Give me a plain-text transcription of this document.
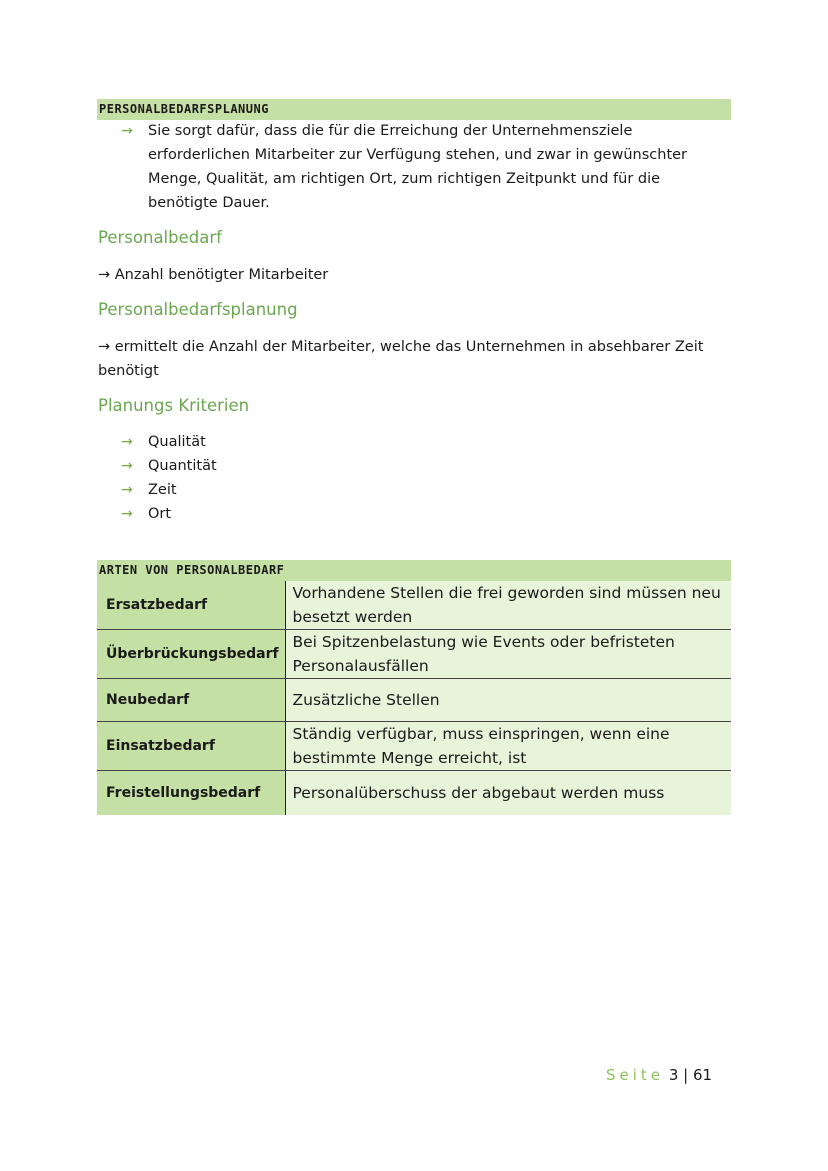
PERSONALBEDARFSPLANUNG
→ Sie sorgt dafür, dass die für die Erreichung der Unternehmensziele erforderlichen Mitarbeiter zur Verfügung stehen, und zwar in gewünschter Menge, Qualität, am richtigen Ort, zum richtigen Zeitpunkt und für die benötigte Dauer.
Personalbedarf

→ Anzahl benötigter Mitarbeiter

Personalbedarfsplanung

→ ermittelt die Anzahl der Mitarbeiter, welche das Unternehmen in absehbarer Zeit benötigt

Planungs Kriterien
→ Qualität
→ Quantität
→ Zeit
→ Ort
ARTEN VON PERSONALBEDARF
Ersatzbedarf	Vorhandene Stellen die frei geworden sind müssen neu besetzt werden
Überbrückungsbedarf	Bei Spitzenbelastung wie Events oder befristeten Personalausfällen
Neubedarf	Zusätzliche Stellen
Einsatzbedarf	Ständig verfügbar, muss einspringen, wenn eine bestimmte Menge erreicht, ist
Freistellungsbedarf	Personalüberschuss der abgebaut werden muss
Seite 3 | 61
